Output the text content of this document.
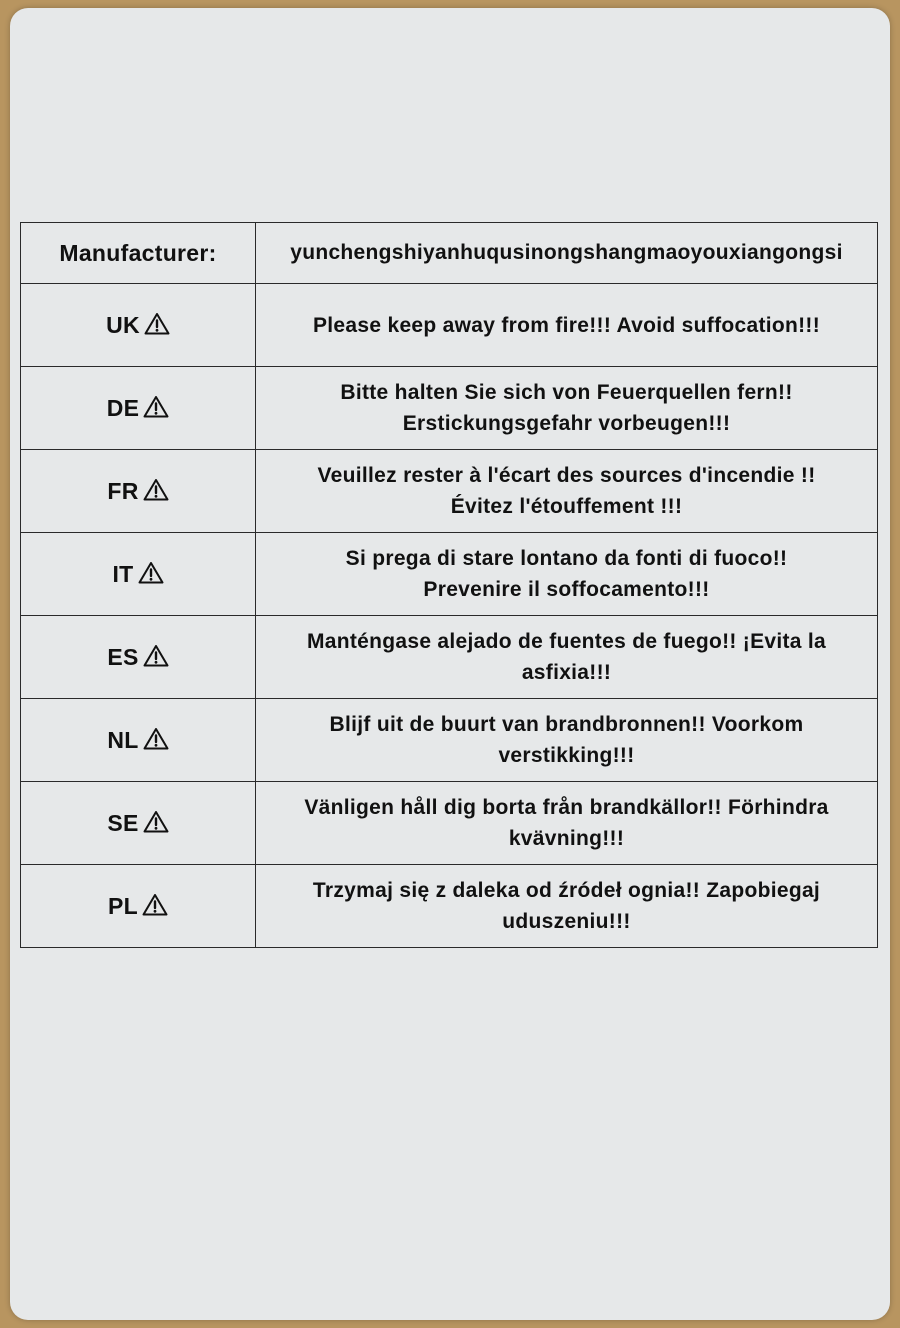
Manufacturer:	yunchengshiyanhuqusinongshangmaoyouxiangongsi
UK	Please keep away from fire!!! Avoid suffocation!!!

DE	Bitte halten Sie sich von Feuerquellen fern!!
Erstickungsgefahr vorbeugen!!!

FR	Veuillez rester à l'écart des sources d'incendie !!
Évitez l'étouffement !!!

IT	Si prega di stare lontano da fonti di fuoco!!
Prevenire il soffocamento!!!

ES	Manténgase alejado de fuentes de fuego!! ¡Evita la
asfixia!!!

NL	Blijf uit de buurt van brandbronnen!! Voorkom
verstikking!!!

SE	Vänligen håll dig borta från brandkällor!! Förhindra
kvävning!!!

PL	Trzymaj się z daleka od źródeł ognia!! Zapobiegaj
uduszeniu!!!
